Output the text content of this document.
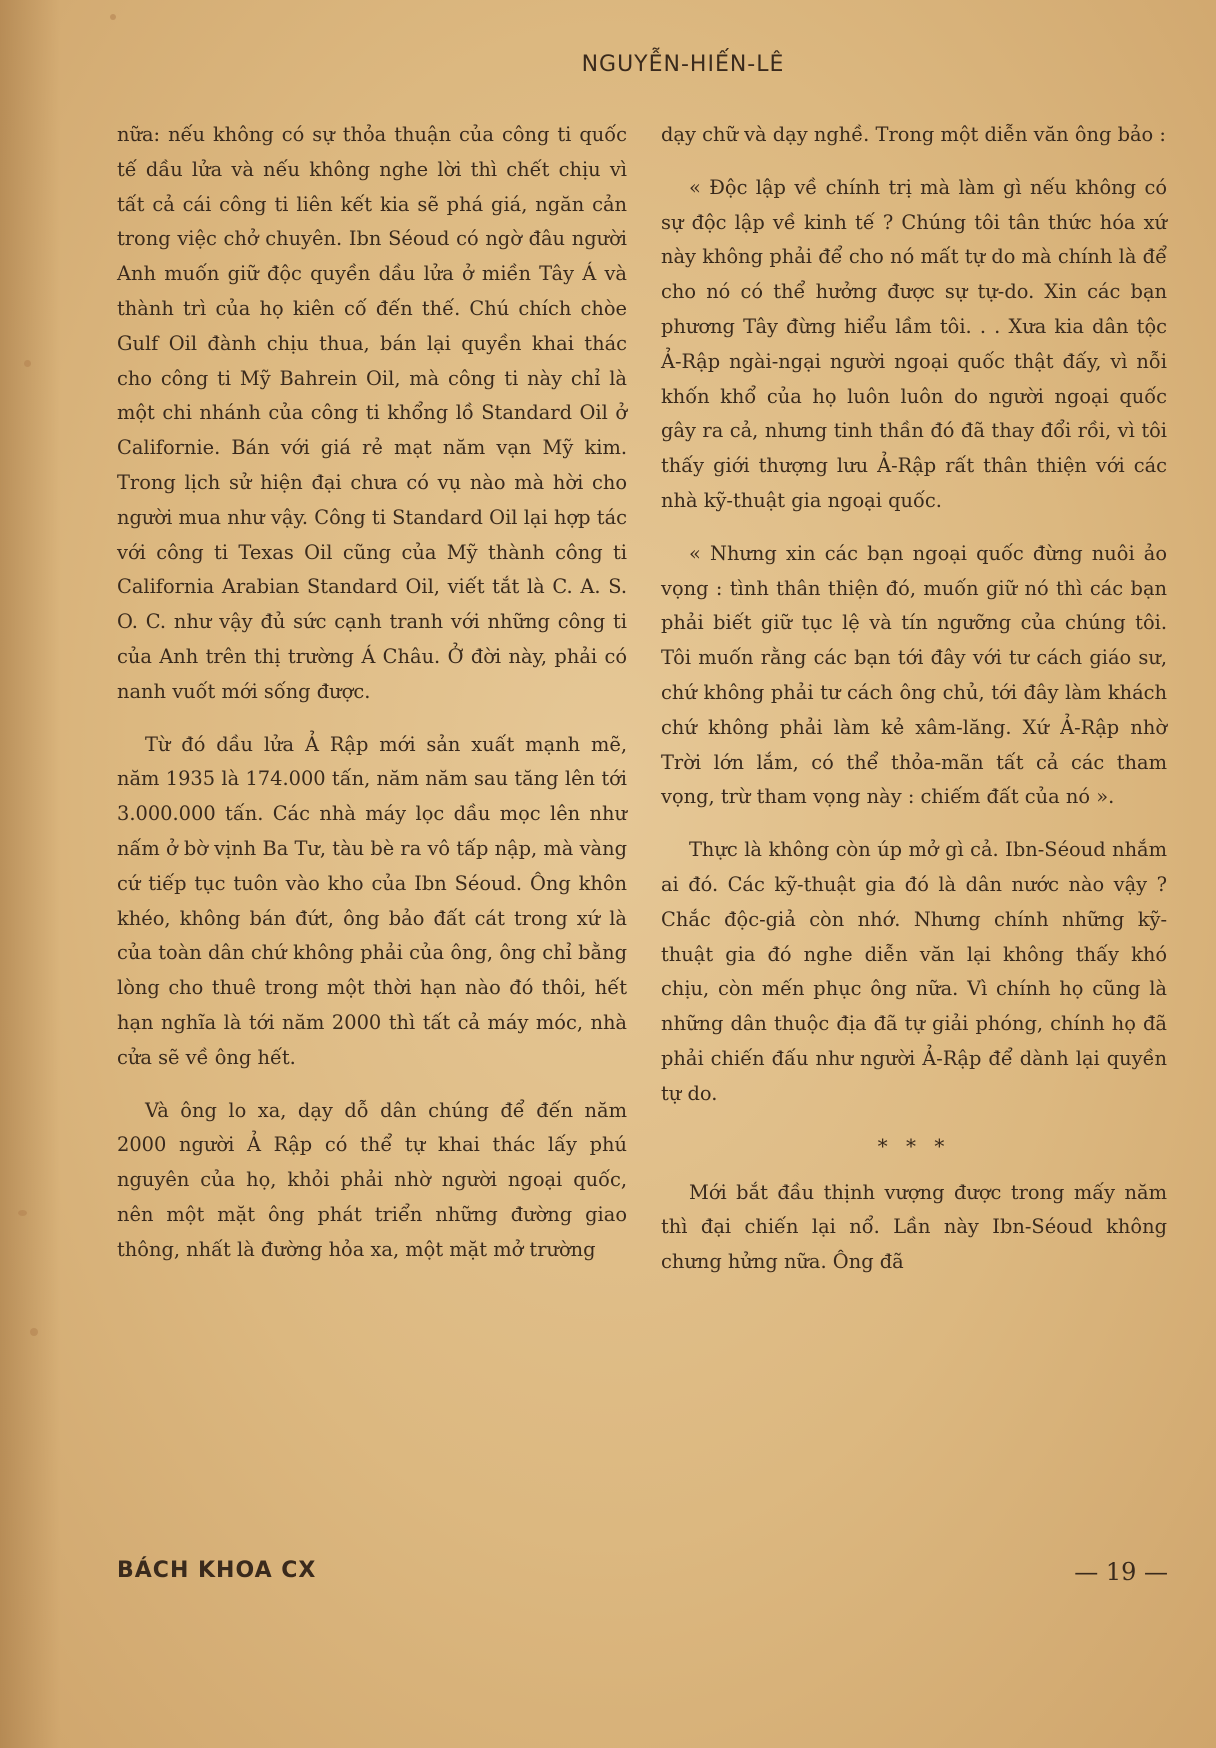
NGUYỄN-HIẾN-LÊ

nữa: nếu không có sự thỏa thuận của công ti quốc tế dầu lửa và nếu không nghe lời thì chết chịu vì tất cả cái công ti liên kết kia sẽ phá giá, ngăn cản trong việc chở chuyên. Ibn Séoud có ngờ đâu người Anh muốn giữ độc quyền dầu lửa ở miền Tây Á và thành trì của họ kiên cố đến thế. Chú chích chòe Gulf Oil đành chịu thua, bán lại quyền khai thác cho công ti Mỹ Bahrein Oil, mà công ti này chỉ là một chi nhánh của công ti khổng lồ Standard Oil ở Californie. Bán với giá rẻ mạt năm vạn Mỹ kim. Trong lịch sử hiện đại chưa có vụ nào mà hời cho người mua như vậy. Công ti Standard Oil lại hợp tác với công ti Texas Oil cũng của Mỹ thành công ti California Arabian Standard Oil, viết tắt là C. A. S. O. C. như vậy đủ sức cạnh tranh với những công ti của Anh trên thị trường Á Châu. Ở đời này, phải có nanh vuốt mới sống được.

Từ đó dầu lửa Ả Rập mới sản xuất mạnh mẽ, năm 1935 là 174.000 tấn, năm năm sau tăng lên tới 3.000.000 tấn. Các nhà máy lọc dầu mọc lên như nấm ở bờ vịnh Ba Tư, tàu bè ra vô tấp nập, mà vàng cứ tiếp tục tuôn vào kho của Ibn Séoud. Ông khôn khéo, không bán đứt, ông bảo đất cát trong xứ là của toàn dân chứ không phải của ông, ông chỉ bằng lòng cho thuê trong một thời hạn nào đó thôi, hết hạn nghĩa là tới năm 2000 thì tất cả máy móc, nhà cửa sẽ về ông hết.

Và ông lo xa, dạy dỗ dân chúng để đến năm 2000 người Ả Rập có thể tự khai thác lấy phú nguyên của họ, khỏi phải nhờ người ngoại quốc, nên một mặt ông phát triển những đường giao thông, nhất là đường hỏa xa, một mặt mở trường

dạy chữ và dạy nghề. Trong một diễn văn ông bảo :

« Độc lập về chính trị mà làm gì nếu không có sự độc lập về kinh tế ? Chúng tôi tân thức hóa xứ này không phải để cho nó mất tự do mà chính là để cho nó có thể hưởng được sự tự-do. Xin các bạn phương Tây đừng hiểu lầm tôi. . . Xưa kia dân tộc Ả-Rập ngài-ngại người ngoại quốc thật đấy, vì nỗi khốn khổ của họ luôn luôn do người ngoại quốc gây ra cả, nhưng tinh thần đó đã thay đổi rồi, vì tôi thấy giới thượng lưu Ả-Rập rất thân thiện với các nhà kỹ-thuật gia ngoại quốc.

« Nhưng xin các bạn ngoại quốc đừng nuôi ảo vọng : tình thân thiện đó, muốn giữ nó thì các bạn phải biết giữ tục lệ và tín ngưỡng của chúng tôi. Tôi muốn rằng các bạn tới đây với tư cách giáo sư, chứ không phải tư cách ông chủ, tới đây làm khách chứ không phải làm kẻ xâm-lăng. Xứ Ả-Rập nhờ Trời lớn lắm, có thể thỏa-mãn tất cả các tham vọng, trừ tham vọng này : chiếm đất của nó ».

Thực là không còn úp mở gì cả. Ibn-Séoud nhắm ai đó. Các kỹ-thuật gia đó là dân nước nào vậy ? Chắc độc-giả còn nhớ. Nhưng chính những kỹ-thuật gia đó nghe diễn văn lại không thấy khó chịu, còn mến phục ông nữa. Vì chính họ cũng là những dân thuộc địa đã tự giải phóng, chính họ đã phải chiến đấu như người Ả-Rập để dành lại quyền tự do.

* * *

Mới bắt đầu thịnh vượng được trong mấy năm thì đại chiến lại nổ. Lần này Ibn-Séoud không chưng hửng nữa. Ông đã

BÁCH KHOA CX	— 19 —
